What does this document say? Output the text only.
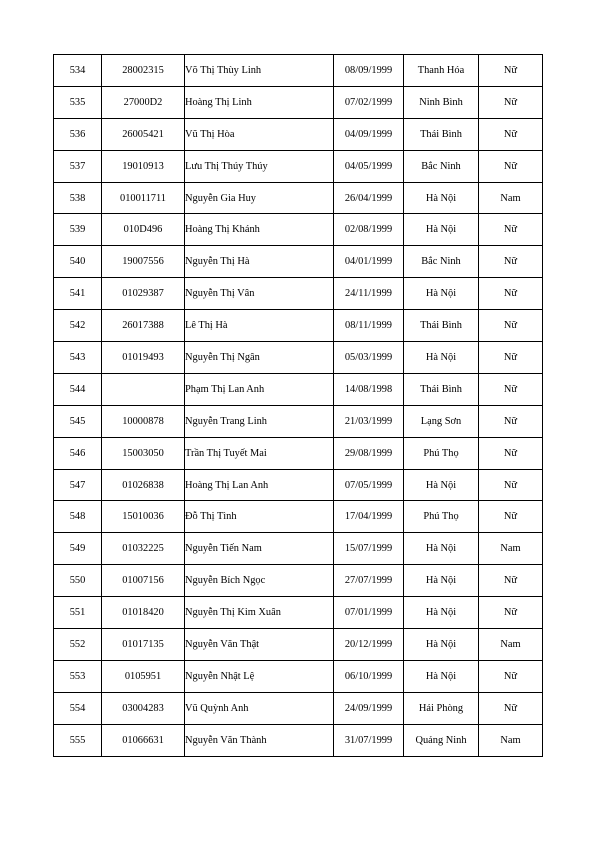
534	28002315	Võ Thị Thùy Linh	08/09/1999	Thanh Hóa	Nữ
535	27000D2	Hoàng Thị Linh	07/02/1999	Ninh Bình	Nữ
536	26005421	Vũ Thị Hòa	04/09/1999	Thái Bình	Nữ
537	19010913	Lưu Thị Thúy Thúy	04/05/1999	Bắc Ninh	Nữ
538	010011711	Nguyễn Gia Huy	26/04/1999	Hà Nội	Nam
539	010D496	Hoàng Thị Khánh	02/08/1999	Hà Nội	Nữ
540	19007556	Nguyễn Thị Hà	04/01/1999	Bắc Ninh	Nữ
541	01029387	Nguyễn Thị Vân	24/11/1999	Hà Nội	Nữ
542	26017388	Lê Thị Hà	08/11/1999	Thái Bình	Nữ
543	01019493	Nguyễn Thị Ngân	05/03/1999	Hà Nội	Nữ
544		Phạm Thị Lan Anh	14/08/1998	Thái Bình	Nữ
545	10000878	Nguyễn Trang Linh	21/03/1999	Lạng Sơn	Nữ
546	15003050	Trần Thị Tuyết Mai	29/08/1999	Phú Thọ	Nữ
547	01026838	Hoàng Thị Lan Anh	07/05/1999	Hà Nội	Nữ
548	15010036	Đỗ Thị Tình	17/04/1999	Phú Thọ	Nữ
549	01032225	Nguyễn Tiến Nam	15/07/1999	Hà Nội	Nam
550	01007156	Nguyễn Bích Ngọc	27/07/1999	Hà Nội	Nữ
551	01018420	Nguyễn Thị Kim Xuân	07/01/1999	Hà Nội	Nữ
552	01017135	Nguyễn Văn Thật	20/12/1999	Hà Nội	Nam
553	0105951	Nguyễn Nhật Lệ	06/10/1999	Hà Nội	Nữ
554	03004283	Vũ Quỳnh Anh	24/09/1999	Hải Phòng	Nữ
555	01066631	Nguyễn Văn Thành	31/07/1999	Quảng Ninh	Nam
